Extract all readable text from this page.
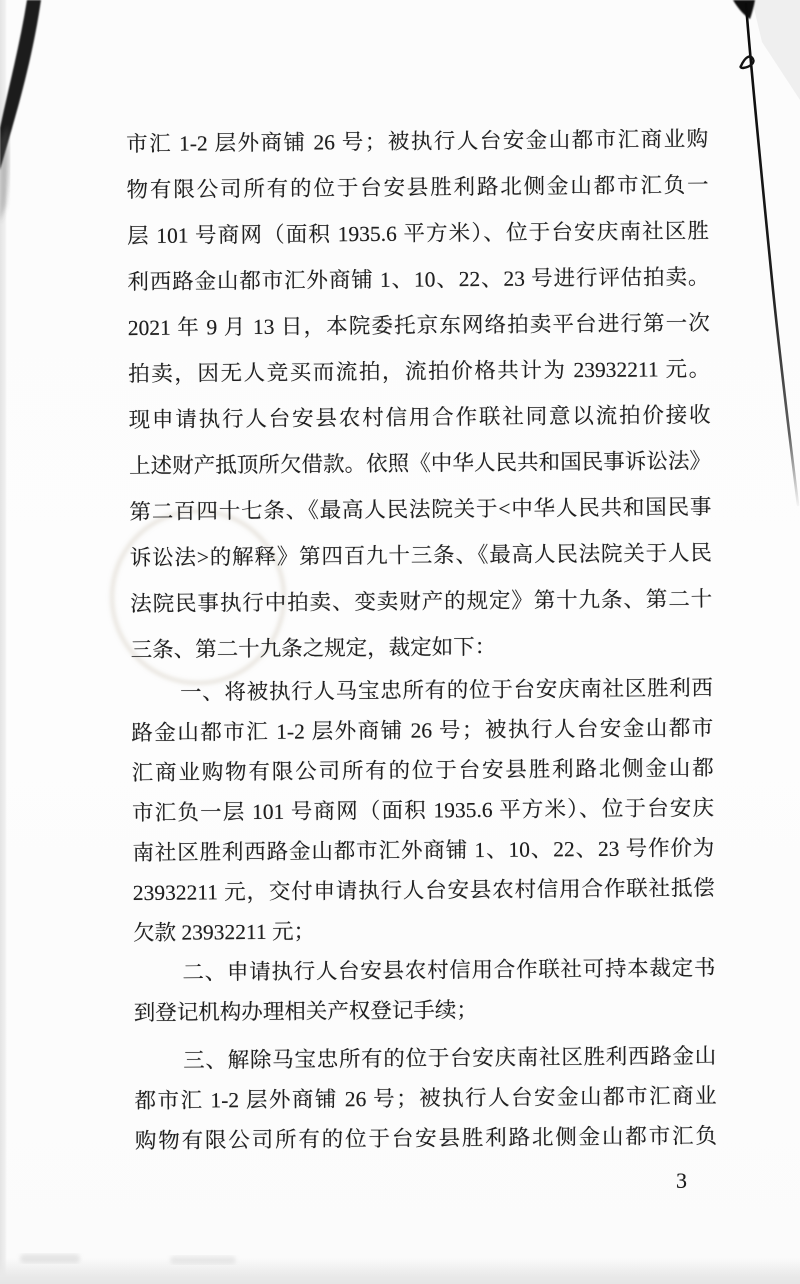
市汇 1-2 层外商铺 26 号；被执行人台安金山都市汇商业购
物有限公司所有的位于台安县胜利路北侧金山都市汇负一
层 101 号商网（面积 1935.6 平方米）、位于台安庆南社区胜
利西路金山都市汇外商铺 1、10、22、23 号进行评估拍卖。
2021 年 9 月 13 日，本院委托京东网络拍卖平台进行第一次
拍卖，因无人竞买而流拍，流拍价格共计为 23932211 元。
现申请执行人台安县农村信用合作联社同意以流拍价接收
上述财产抵顶所欠借款。依照《中华人民共和国民事诉讼法》
第二百四十七条、《最高人民法院关于<中华人民共和国民事
诉讼法>的解释》第四百九十三条、《最高人民法院关于人民
法院民事执行中拍卖、变卖财产的规定》第十九条、第二十
三条、第二十九条之规定，裁定如下：
一、将被执行人马宝忠所有的位于台安庆南社区胜利西
路金山都市汇 1-2 层外商铺 26 号；被执行人台安金山都市
汇商业购物有限公司所有的位于台安县胜利路北侧金山都
市汇负一层 101 号商网（面积 1935.6 平方米）、位于台安庆
南社区胜利西路金山都市汇外商铺 1、10、22、23 号作价为
23932211 元，交付申请执行人台安县农村信用合作联社抵偿
欠款 23932211 元；
二、申请执行人台安县农村信用合作联社可持本裁定书
到登记机构办理相关产权登记手续；
三、解除马宝忠所有的位于台安庆南社区胜利西路金山
都市汇 1-2 层外商铺 26 号；被执行人台安金山都市汇商业
购物有限公司所有的位于台安县胜利路北侧金山都市汇负
3
